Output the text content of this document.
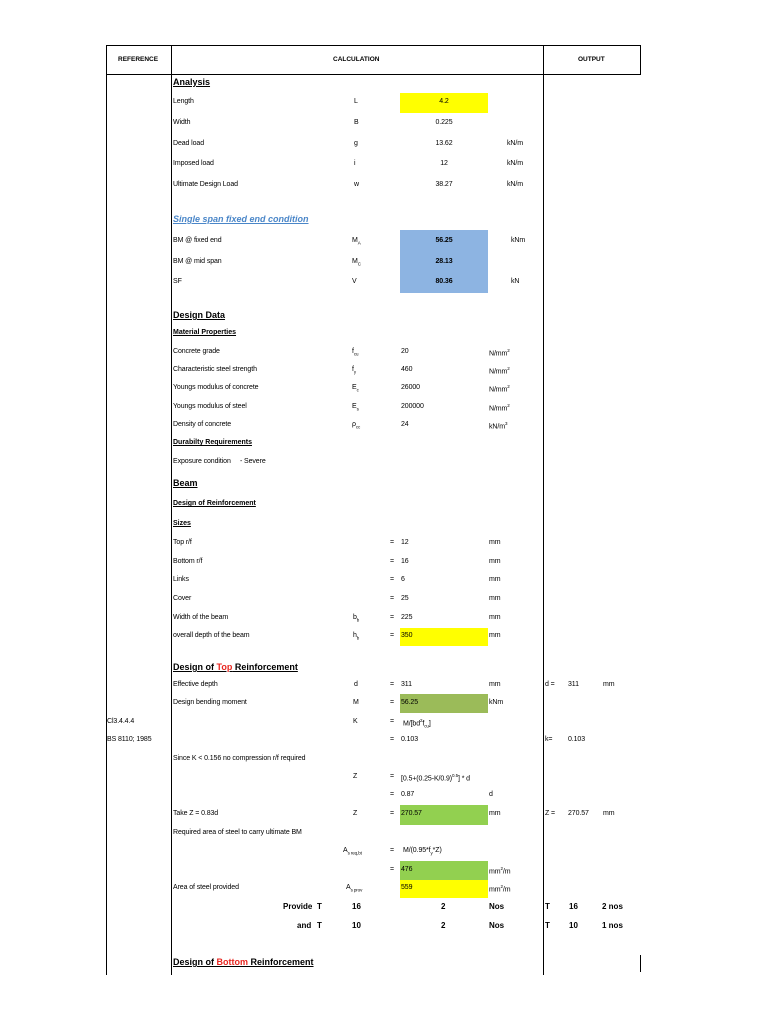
REFERENCE	CALCULATION	OUTPUT
Analysis
Length	L	4.2
Width	B	0.225
Dead load	g	13.62	kN/m
Imposed load	i	12	kN/m
Ultimate Design Load	w	38.27	kN/m
Single span fixed end condition
BM @ fixed end	$M_A$	56.25	kNm
BM @ mid span	$M_C$	28.13
SF	V	80.36	kN
Design Data
Material Properties
Concrete grade	$f_{cu}$	20	$N/mm^2$
Characteristic steel strength	$f_y$	460	$N/mm^2$
Youngs modulus of concrete	$E_c$	26000	$N/mm^2$
Youngs modulus of steel	$E_s$	200000	$N/mm^2$
Density of concrete	$\rho_{cc}$	24	$kN/m^3$
Durabilty Requirements
Exposure condition     - Severe
Beam
Design of Reinforcement
Sizes
Top r/f	= 12	mm
Bottom r/f	= 16	mm
Links	= 6	mm
Cover	= 25	mm
Width of the beam	$b_b$	= 225	mm
overall depth of the beam	$h_b$	= 350	mm
Design of Top Reinforcement
Effective depth	d	= 311	mm	d = 311	mm
Design bending moment	M	= 56.25	kNm
Cl3.4.4.4	K	= $M/[bd^2f_{cu}]$
BS 8110; 1985	= 0.103	k= 0.103
Since K < 0.156 no compression r/f required
Z	= $[0.5+(0.25-K/0.9)^{0.5}] * d$
= 0.87	d
Take Z = 0.83d	Z	= 270.57	mm	Z = 270.57 mm
Required area of steel to carry ultimate BM
$A_{s req,bt}$	= $M/(0.95*f_y*Z)$
= 476	$mm^2/m$
Area of steel provided	$A_{s prov}$	559	$mm^2/m$
Provide T	16	2	Nos	T 16	2 nos
and T	10	2	Nos	T 10	1 nos
Design of Bottom Reinforcement
